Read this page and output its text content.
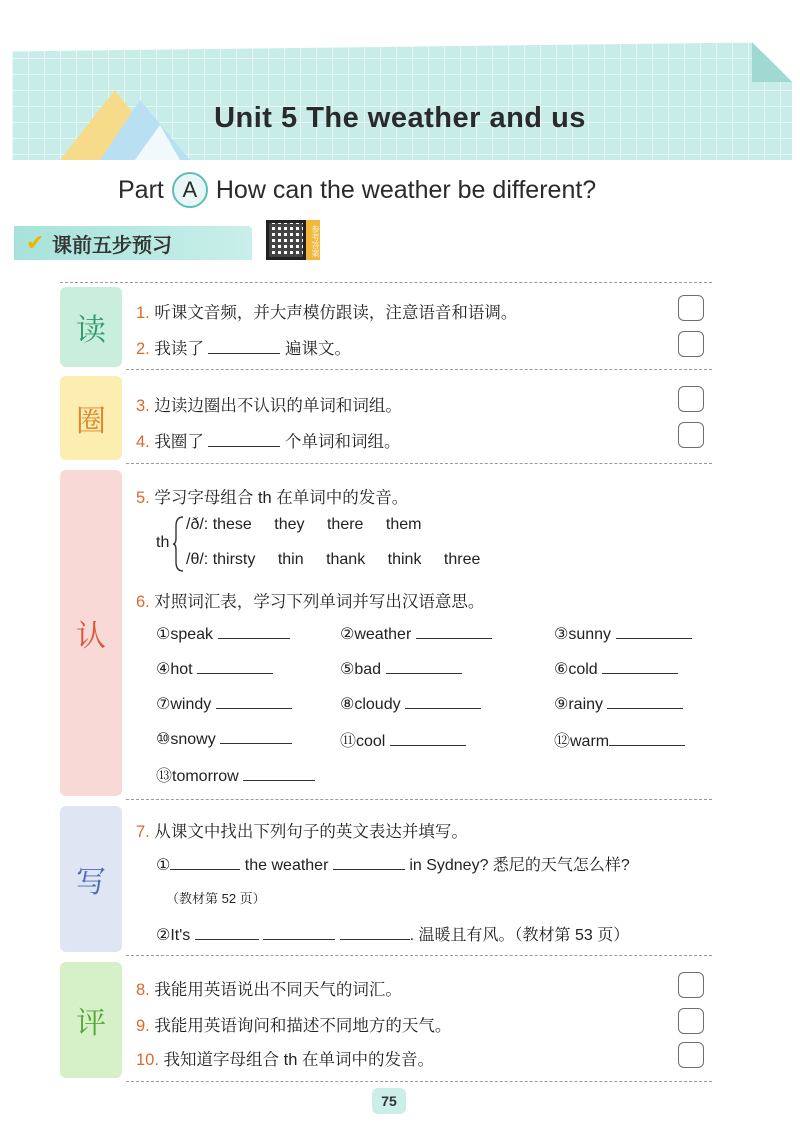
Unit 5 The weather and us
Part A How can the weather be different?
✔ 课前五步预习	参考答案
读
1. 听课文音频，并大声模仿跟读，注意语音和语调。
2. 我读了	遍课文。
圈	3. 边读边圈出不认识的单词和词组。
4. 我圈了	个单词和词组。
认
5. 学习字母组合 th 在单词中的发音。
th
/ð/: these they there them
/θ/: thirsty thin thank think three
6. 对照词汇表，学习下列单词并写出汉语意思。
①speak	②weather	③sunny
④hot	⑤bad	⑥cold
⑦windy	⑧cloudy	⑨rainy
⑩snowy	⑪cool	⑫warm
⑬tomorrow
写
7. 从课文中找出下列句子的英文表达并填写。
①	the weather	in Sydney? 悉尼的天气怎么样?
（教材第 52 页）
②It's	. 温暖且有风。（教材第 53 页）
评
8. 我能用英语说出不同天气的词汇。
9. 我能用英语询问和描述不同地方的天气。
10. 我知道字母组合 th 在单词中的发音。
75
